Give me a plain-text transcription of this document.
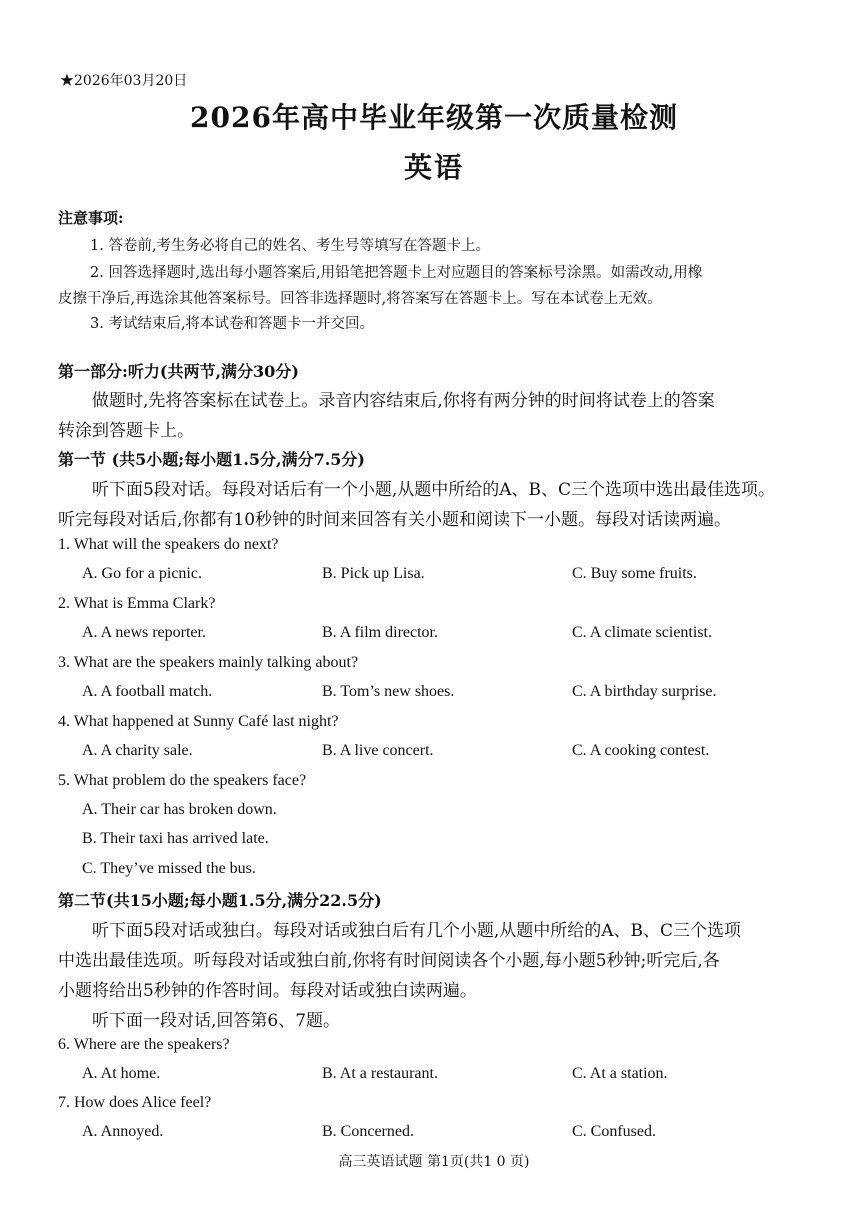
★2026年03月20日
2026年高中毕业年级第一次质量检测
英语
注意事项:
1. 答卷前,考生务必将自己的姓名、考生号等填写在答题卡上。
2. 回答选择题时,选出每小题答案后,用铅笔把答题卡上对应题目的答案标号涂黑。如需改动,用橡
皮擦干净后,再选涂其他答案标号。回答非选择题时,将答案写在答题卡上。写在本试卷上无效。
3. 考试结束后,将本试卷和答题卡一并交回。
第一部分:听力(共两节,满分30分)
做题时,先将答案标在试卷上。录音内容结束后,你将有两分钟的时间将试卷上的答案
转涂到答题卡上。
第一节 (共5小题;每小题1.5分,满分7.5分)
听下面5段对话。每段对话后有一个小题,从题中所给的A、B、C三个选项中选出最佳选项。
听完每段对话后,你都有10秒钟的时间来回答有关小题和阅读下一小题。每段对话读两遍。
1. What will the speakers do next?
A. Go for a picnic.	B. Pick up Lisa.	C. Buy some fruits.
2. What is Emma Clark?
A. A news reporter.	B. A film director.	C. A climate scientist.
3. What are the speakers mainly talking about?
A. A football match.	B. Tom’s new shoes.	C. A birthday surprise.
4. What happened at Sunny Café last night?
A. A charity sale.	B. A live concert.	C. A cooking contest.
5. What problem do the speakers face?
A. Their car has broken down.
B. Their taxi has arrived late.
C. They’ve missed the bus.
第二节(共15小题;每小题1.5分,满分22.5分)
听下面5段对话或独白。每段对话或独白后有几个小题,从题中所给的A、B、C三个选项
中选出最佳选项。听每段对话或独白前,你将有时间阅读各个小题,每小题5秒钟;听完后,各
小题将给出5秒钟的作答时间。每段对话或独白读两遍。
听下面一段对话,回答第6、7题。
6. Where are the speakers?
A. At home.	B. At a restaurant.	C. At a station.
7. How does Alice feel?
A. Annoyed.	B. Concerned.	C. Confused.
高三英语试题 第1页(共1 0 页)
